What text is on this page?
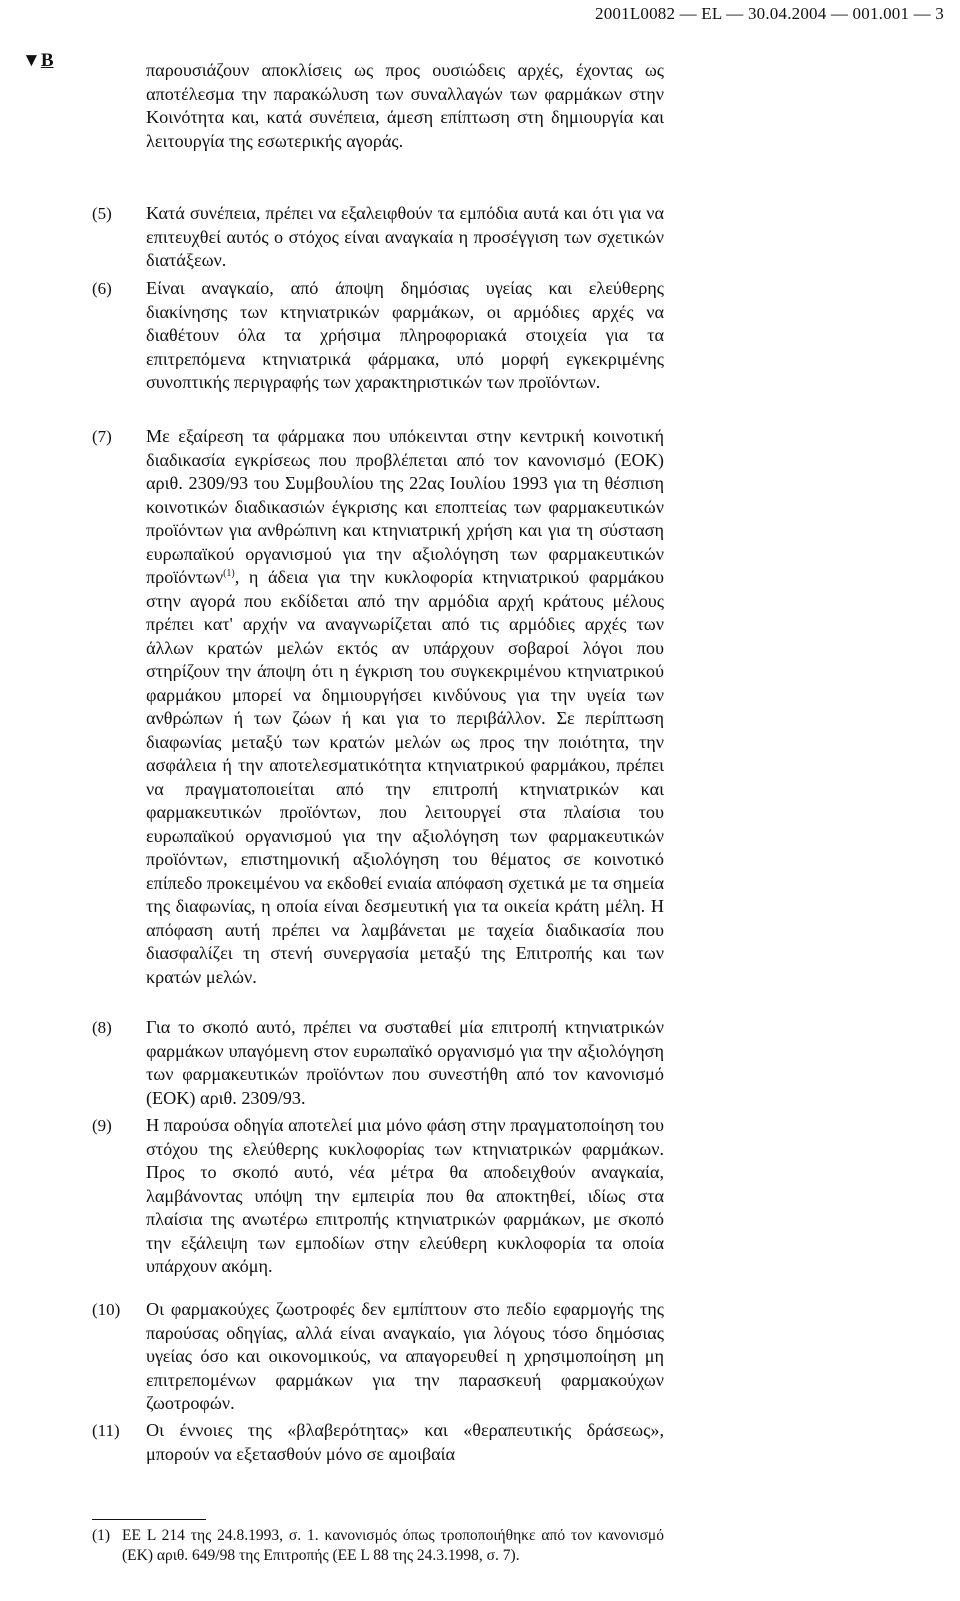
2001L0082 — EL — 30.04.2004 — 001.001 — 3
▼B	παρουσιάζουν αποκλίσεις ως προς ουσιώδεις αρχές, έχοντας ως αποτέλεσμα την παρακώλυση των συναλλαγών των φαρμάκων στην Κοινότητα και, κατά συνέπεια, άμεση επίπτωση στη δημιουργία και λειτουργία της εσωτερικής αγοράς.
(5) Κατά συνέπεια, πρέπει να εξαλειφθούν τα εμπόδια αυτά και ότι για να επιτευχθεί αυτός ο στόχος είναι αναγκαία η προσέγγιση των σχετικών διατάξεων.
(6) Είναι αναγκαίο, από άποψη δημόσιας υγείας και ελεύθερης διακίνησης των κτηνιατρικών φαρμάκων, οι αρμόδιες αρχές να διαθέτουν όλα τα χρήσιμα πληροφοριακά στοιχεία για τα επιτρεπόμενα κτηνιατρικά φάρμακα, υπό μορφή εγκεκριμένης συνοπτικής περιγραφής των χαρακτηριστικών των προϊόντων.
(7) Με εξαίρεση τα φάρμακα που υπόκεινται στην κεντρική κοινοτική διαδικασία εγκρίσεως που προβλέπεται από τον κανονισμό (ΕΟΚ) αριθ. 2309/93 του Συμβουλίου της 22ας Ιουλίου 1993 για τη θέσπιση κοινοτικών διαδικασιών έγκρισης και εποπτείας των φαρμακευτικών προϊόντων για ανθρώπινη και κτηνιατρική χρήση και για τη σύσταση ευρωπαϊκού οργανισμού για την αξιολόγηση των φαρμακευτικών προϊόντων$^{(1)}$, η άδεια για την κυκλοφορία κτηνιατρικού φαρμάκου στην αγορά που εκδίδεται από την αρμόδια αρχή κράτους μέλους πρέπει κατ' αρχήν να αναγνωρίζεται από τις αρμόδιες αρχές των άλλων κρατών μελών εκτός αν υπάρχουν σοβαροί λόγοι που στηρίζουν την άποψη ότι η έγκριση του συγκεκριμένου κτηνιατρικού φαρμάκου μπορεί να δημιουργήσει κινδύνους για την υγεία των ανθρώπων ή των ζώων ή και για το περιβάλλον. Σε περίπτωση διαφωνίας μεταξύ των κρατών μελών ως προς την ποιότητα, την ασφάλεια ή την αποτελεσματικότητα κτηνιατρικού φαρμάκου, πρέπει να πραγματοποιείται από την επιτροπή κτηνιατρικών και φαρμακευτικών προϊόντων, που λειτουργεί στα πλαίσια του ευρωπαϊκού οργανισμού για την αξιολόγηση των φαρμακευτικών προϊόντων, επιστημονική αξιολόγηση του θέματος σε κοινοτικό επίπεδο προκειμένου να εκδοθεί ενιαία απόφαση σχετικά με τα σημεία της διαφωνίας, η οποία είναι δεσμευτική για τα οικεία κράτη μέλη. Η απόφαση αυτή πρέπει να λαμβάνεται με ταχεία διαδικασία που διασφαλίζει τη στενή συνεργασία μεταξύ της Επιτροπής και των κρατών μελών.
(8) Για το σκοπό αυτό, πρέπει να συσταθεί μία επιτροπή κτηνιατρικών φαρμάκων υπαγόμενη στον ευρωπαϊκό οργανισμό για την αξιολόγηση των φαρμακευτικών προϊόντων που συνεστήθη από τον κανονισμό (ΕΟΚ) αριθ. 2309/93.
(9) Η παρούσα οδηγία αποτελεί μια μόνο φάση στην πραγματοποίηση του στόχου της ελεύθερης κυκλοφορίας των κτηνιατρικών φαρμάκων. Προς το σκοπό αυτό, νέα μέτρα θα αποδειχθούν αναγκαία, λαμβάνοντας υπόψη την εμπειρία που θα αποκτηθεί, ιδίως στα πλαίσια της ανωτέρω επιτροπής κτηνιατρικών φαρμάκων, με σκοπό την εξάλειψη των εμποδίων στην ελεύθερη κυκλοφορία τα οποία υπάρχουν ακόμη.
(10) Οι φαρμακούχες ζωοτροφές δεν εμπίπτουν στο πεδίο εφαρμογής της παρούσας οδηγίας, αλλά είναι αναγκαίο, για λόγους τόσο δημόσιας υγείας όσο και οικονομικούς, να απαγορευθεί η χρησιμοποίηση μη επιτρεπομένων φαρμάκων για την παρασκευή φαρμακούχων ζωοτροφών.
(11) Οι έννοιες της «βλαβερότητας» και «θεραπευτικής δράσεως», μπορούν να εξετασθούν μόνο σε αμοιβαία
(1) ΕΕ L 214 της 24.8.1993, σ. 1. κανονισμός όπως τροποποιήθηκε από τον κανονισμό (ΕΚ) αριθ. 649/98 της Επιτροπής (ΕΕ L 88 της 24.3.1998, σ. 7).
